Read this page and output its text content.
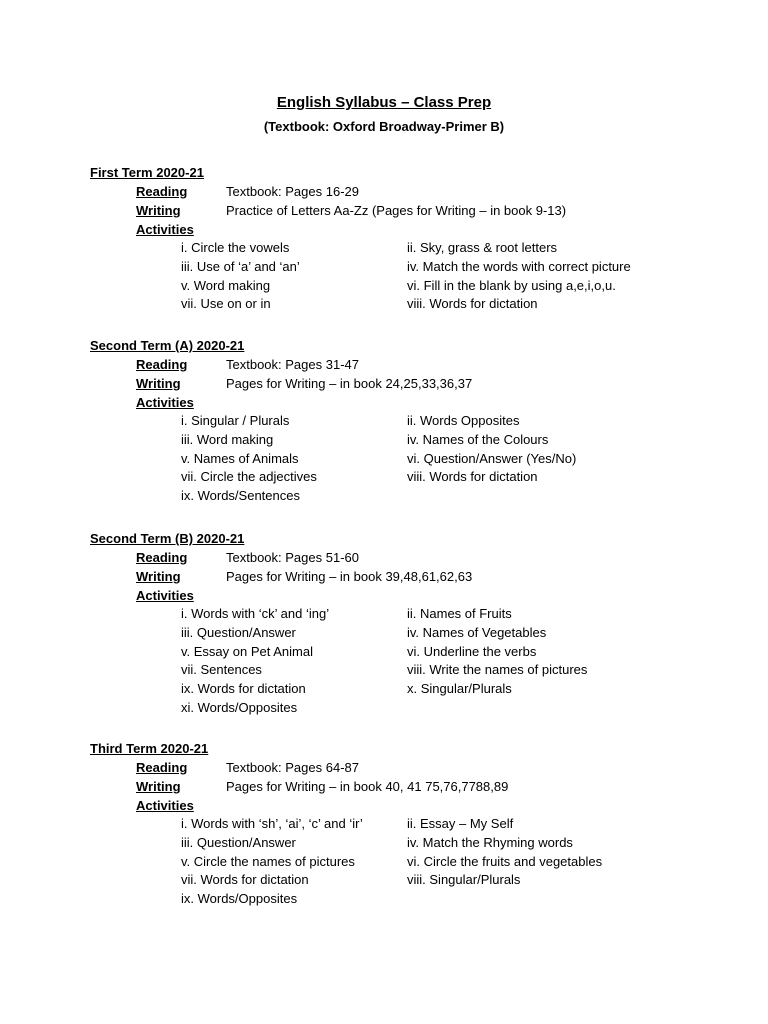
English Syllabus – Class Prep
(Textbook: Oxford Broadway-Primer B)
First Term 2020-21
Reading	Textbook: Pages 16-29
Writing	Practice of Letters Aa-Zz (Pages for Writing – in book 9-13)
Activities
i. Circle the vowels	ii. Sky, grass & root letters
iii. Use of ‘a’ and ‘an’	iv. Match the words with correct picture
v. Word making	vi. Fill in the blank by using a,e,i,o,u.
vii. Use on or in	viii. Words for dictation
Second Term (A) 2020-21
Reading	Textbook: Pages 31-47
Writing	Pages for Writing – in book 24,25,33,36,37
Activities
i. Singular / Plurals	ii. Words Opposites
iii. Word making	iv. Names of the Colours
v. Names of Animals	vi. Question/Answer (Yes/No)
vii. Circle the adjectives	viii. Words for dictation
ix. Words/Sentences
Second Term (B) 2020-21
Reading	Textbook: Pages 51-60
Writing	Pages for Writing – in book 39,48,61,62,63
Activities
i. Words with ‘ck’ and ‘ing’	ii. Names of Fruits
iii. Question/Answer	iv. Names of Vegetables
v. Essay on Pet Animal	vi. Underline the verbs
vii. Sentences	viii. Write the names of pictures
ix. Words for dictation	x. Singular/Plurals
xi. Words/Opposites
Third Term 2020-21
Reading	Textbook: Pages 64-87
Writing	Pages for Writing – in book 40, 41 75,76,7788,89
Activities
i. Words with ‘sh’, ‘ai’, ‘c’ and ‘ir’	ii. Essay – My Self
iii. Question/Answer	iv. Match the Rhyming words
v. Circle the names of pictures	vi. Circle the fruits and vegetables
vii. Words for dictation	viii. Singular/Plurals
ix. Words/Opposites
